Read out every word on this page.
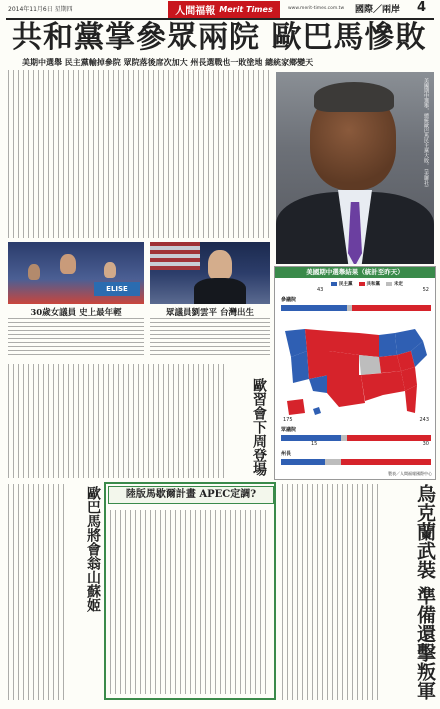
2014年11月6日 星期四	人間福報 Merit Times	www.merit-times.com.tw 國際／兩岸 4
共和黨掌參眾兩院 歐巴馬慘敗
美期中選舉 民主黨輸掉參院 眾院落後席次加大 州長選戰也一敗塗地 總統家鄉變天
美國期中選舉，總統歐巴馬民主黨大敗。（美聯社）
ELISE
30歲女議員 史上最年輕	眾議員劉雲平 台灣出生
美國期中選舉結果（統計至昨天）
民主黨	共和黨	未定
參議院
43	52
眾議院
175	243
州長
15	30
製表／人間福報國際中心
歐習會下周登場
歐巴馬將會翁山蘇姬	陸版馬歇爾計畫 APEC定調?	烏克蘭武裝 準備還擊叛軍
